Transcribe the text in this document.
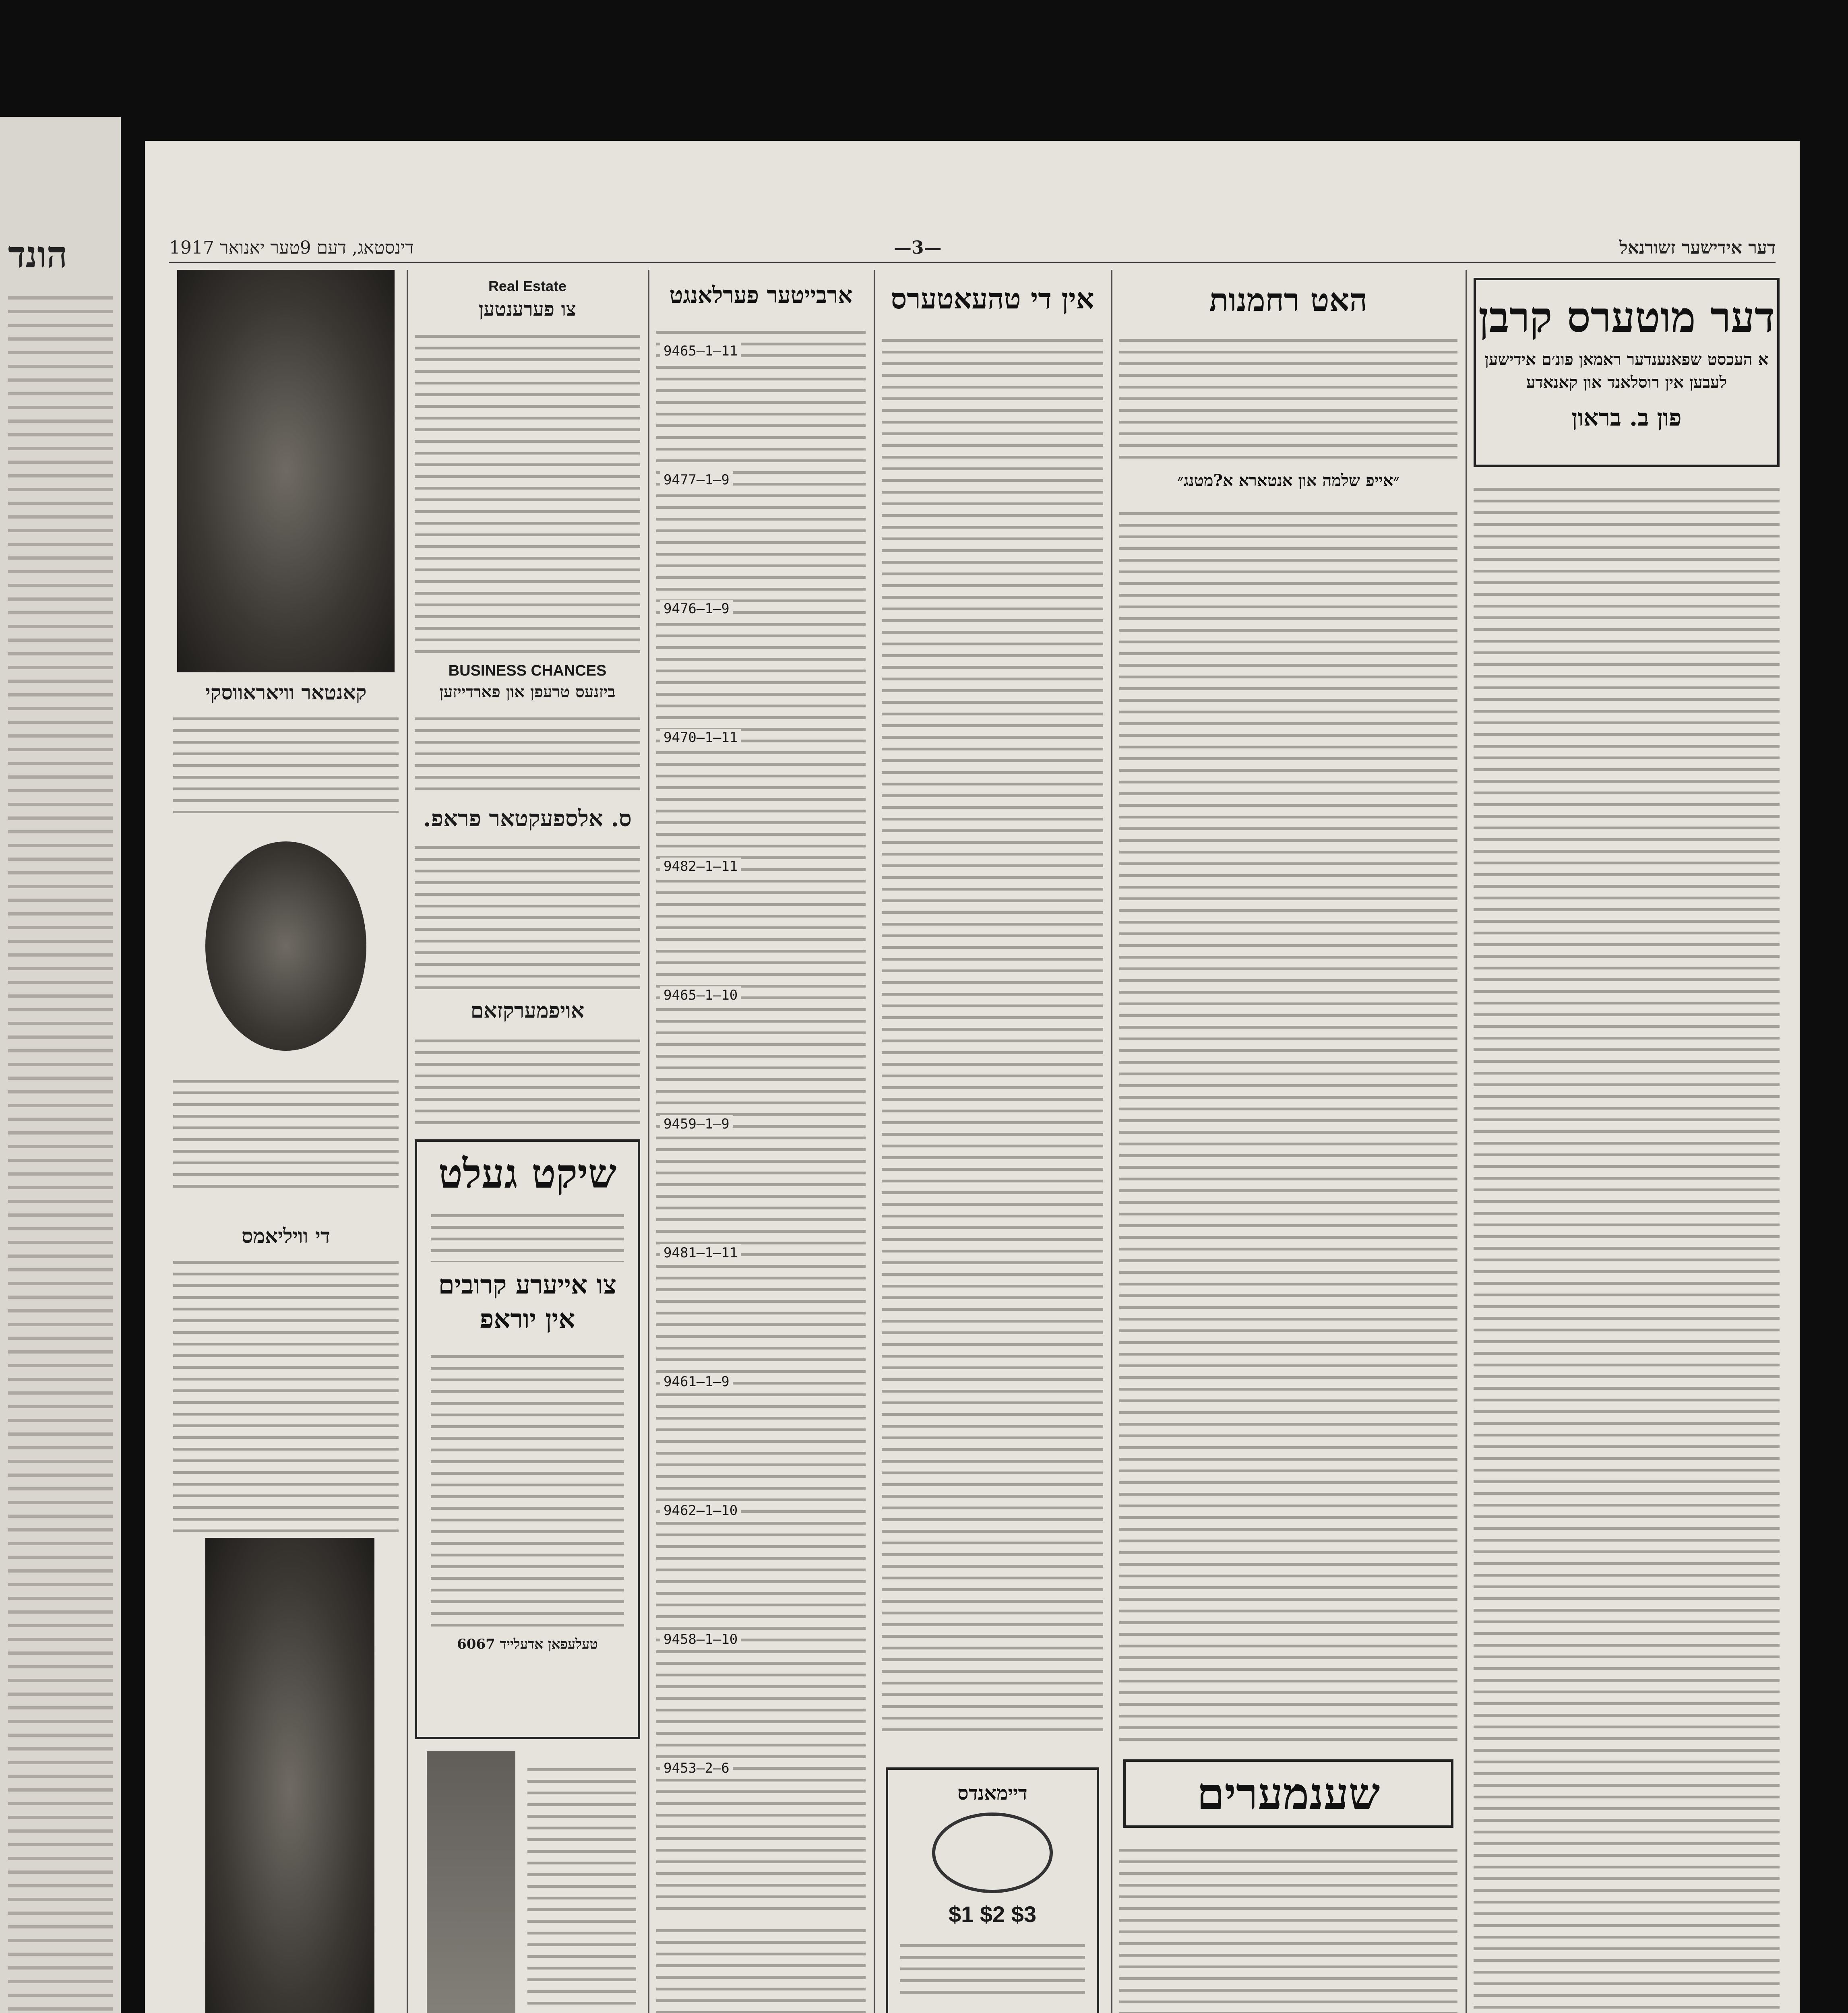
הונד	דינסטאג, דעם 9טער יאנואר 1917	—3—	דער אידישער זשורנאל
דער מוטערס קרבן
א העכסט שפאנענדער ראמאן פונ׳ם אידישען
לעבען אין רוסלאנד און קאנאדע
פון ב. בראון
האט רחמנות
״אייפ שלמה און אנטארא א?מטנג״
שענמערים
אין די טהעאטערס
דיימאנדס
$1 $2 $3
ארבייטער פערלאנגט
9465—1—11
9477—1—9
9476—1—9
9470—1—11
9482—1—11
9465—1—10
9459—1—9
9481—1—11
9461—1—9
9462—1—10
9458—1—10
9453—2—6
Real Estate
צו פערענטען
BUSINESS CHANCES
ביזנעס טרעפן און פארדייזען
ס. אלספעקטאר פראפ.
אויפמערקזאם
שיקט געלט
צו אייערע קרובים
אין יוראפ
טעלעפאן אדעלייד 6067
קאנטאר וויאראווסקי
די וויליאמס
